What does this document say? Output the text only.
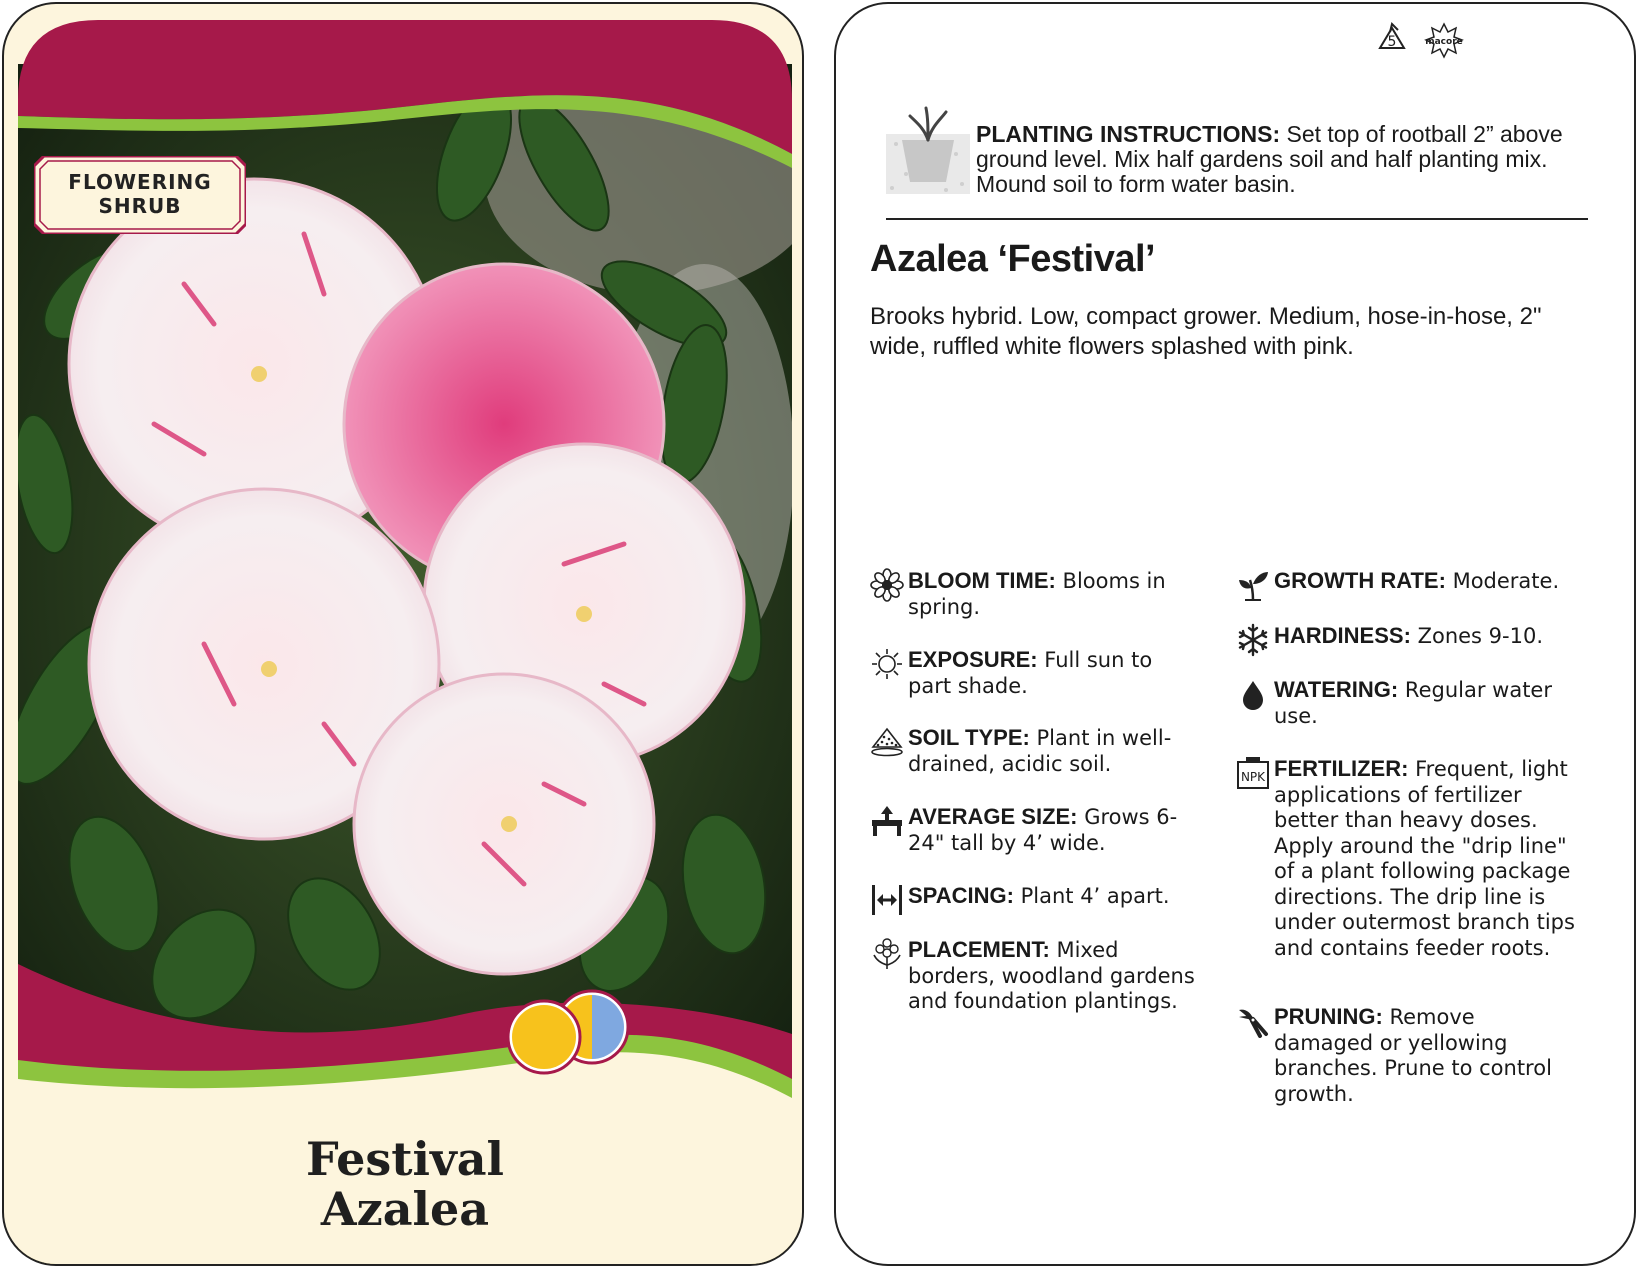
FLOWERING
SHRUB
Festival
Azalea
5	macore
PLANTING INSTRUCTIONS: Set top of rootball 2” above ground level. Mix half gardens soil and half planting mix. Mound soil to form water basin.
Azalea ‘Festival’
Brooks hybrid. Low, compact grower. Medium, hose-in-hose, 2" wide, ruffled white flowers splashed with pink.
BLOOM TIME: Blooms in spring.
EXPOSURE: Full sun to part shade.
SOIL TYPE: Plant in well-drained, acidic soil.
AVERAGE SIZE: Grows 6-24" tall by 4’ wide.
SPACING: Plant 4’ apart.
PLACEMENT: Mixed borders, woodland gardens and foundation plantings.
GROWTH RATE: Moderate.
HARDINESS: Zones 9-10.
WATERING: Regular water use.
NPK FERTILIZER: Frequent, light applications of fertilizer better than heavy doses. Apply around the "drip line" of a plant following package directions. The drip line is under outermost branch tips and contains feeder roots.
PRUNING: Remove damaged or yellowing branches. Prune to control growth.
